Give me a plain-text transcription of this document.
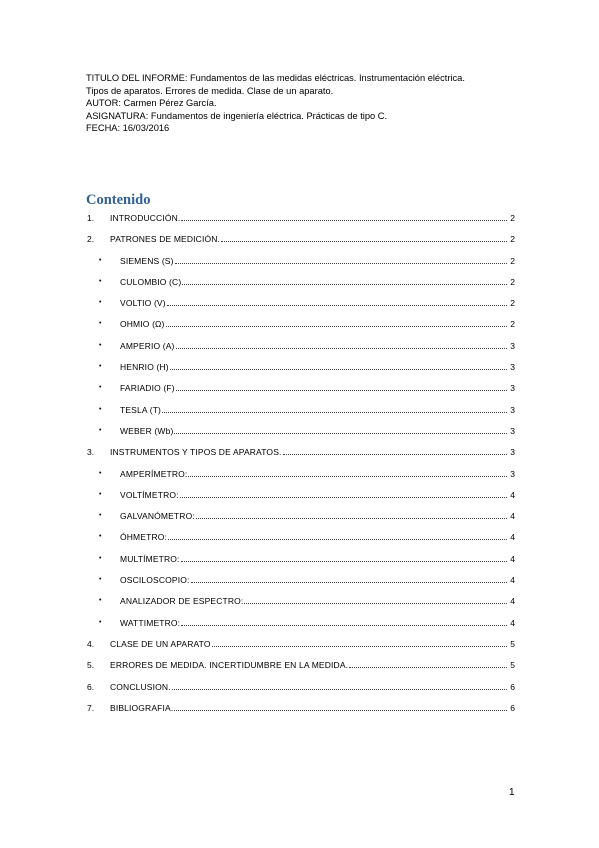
TITULO DEL INFORME: Fundamentos de las medidas eléctricas. Instrumentación eléctrica.
Tipos de aparatos. Errores de medida. Clase de un aparato.
AUTOR: Carmen Pérez García.
ASIGNATURA: Fundamentos de ingeniería eléctrica. Prácticas de tipo C.
FECHA: 16/03/2016
Contenido
1. INTRODUCCIÓN.	2
2. PATRONES DE MEDICIÓN.	2
• SIEMENS (S)	2
• CULOMBIO (C)	2
• VOLTIO (V)	2
• OHMIO (Ω)	2
• AMPERIO (A)	3
• HENRIO (H)	3
• FARIADIO (F)	3
• TESLA (T)	3
• WEBER (Wb)	3
3. INSTRUMENTOS Y TIPOS DE APARATOS.	3
• AMPERÍMETRO:	3
• VOLTÍMETRO:	4
• GALVANÓMETRO:	4
• ÓHMETRO:	4
• MULTÍMETRO:	4
• OSCILOSCOPIO:	4
• ANALIZADOR DE ESPECTRO:	4
• WATTIMETRO:	4
4. CLASE DE UN APARATO	5
5. ERRORES DE MEDIDA. INCERTIDUMBRE EN LA MEDIDA.	5
6. CONCLUSION.	6
7. BIBLIOGRAFIA.	6
1
